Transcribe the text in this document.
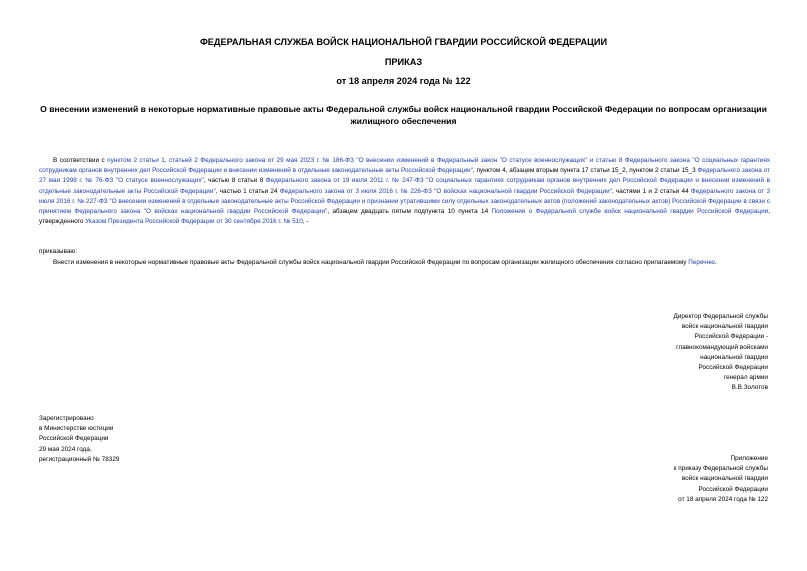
ФЕДЕРАЛЬНАЯ СЛУЖБА ВОЙСК НАЦИОНАЛЬНОЙ ГВАРДИИ РОССИЙСКОЙ ФЕДЕРАЦИИ
ПРИКАЗ
от 18 апреля 2024 года № 122
О внесении изменений в некоторые нормативные правовые акты Федеральной службы войск национальной гвардии Российской Федерации по вопросам организации жилищного обеспечения
В соответствии с пунктом 2 статьи 1, статьей 2 Федерального закона от 29 мая 2023 г. № 186-ФЗ "О внесении изменений в Федеральный закон "О статусе военнослужащих" и статью 8 Федерального закона "О социальных гарантиях сотрудникам органов внутренних дел Российской Федерации и внесении изменений в отдельные законодательные акты Российской Федерации", пунктом 4, абзацем вторым пункта 17 статьи 15_2, пунктом 2 статьи 15_3 Федерального закона от 27 мая 1998 г. № 76-ФЗ "О статусе военнослужащих", частью 8 статьи 8 Федерального закона от 19 июля 2011 г. № 247-ФЗ "О социальных гарантиях сотрудникам органов внутренних дел Российской Федерации и внесении изменений в отдельные законодательные акты Российской Федерации", частью 1 статьи 24 Федерального закона от 3 июля 2016 г. № 226-ФЗ "О войсках национальной гвардии Российской Федерации", частями 1 и 2 статьи 44 Федерального закона от 3 июля 2016 г. № 227-ФЗ "О внесении изменений в отдельные законодательные акты Российской Федерации и признании утратившими силу отдельных законодательных актов (положений законодательных актов) Российской Федерации в связи с принятием Федерального закона "О войсках национальной гвардии Российской Федерации", абзацем двадцать пятым подпункта 10 пункта 14 Положения о Федеральной службе войск национальной гвардии Российской Федерации, утвержденного Указом Президента Российской Федерации от 30 сентября 2016 г. № 510, -
приказываю:
Внести изменения в некоторые нормативные правовые акты Федеральной службы войск национальной гвардии Российской Федерации по вопросам организации жилищного обеспечения согласно прилагаемому Перечню.
Директор Федеральной службы
войск национальной гвардии
Российской Федерации -
главнокомандующий войсками
национальной гвардии
Российской Федерации
генерал армии
В.В.Золотов
Зарегистрировано
в Министерстве юстиции
Российской Федерации
29 мая 2024 года,
регистрационный № 78329	Приложение
к приказу Федеральной службы
войск национальной гвардии
Российской Федерации
от 18 апреля 2024 года № 122
